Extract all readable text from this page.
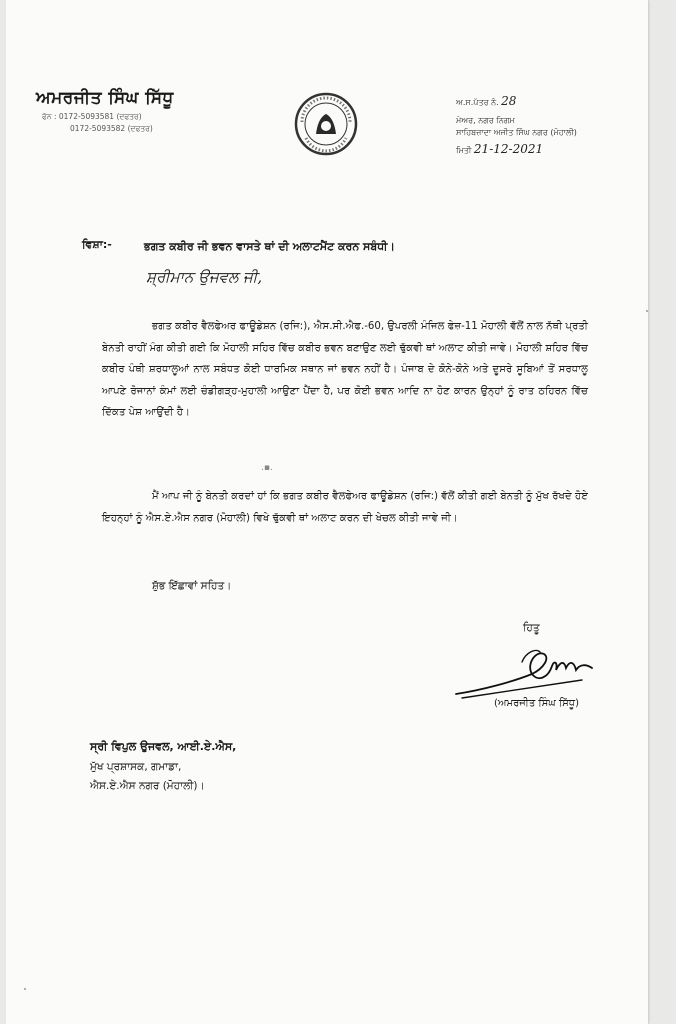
ਅਮਰਜੀਤ ਸਿੰਘ ਸਿੱਧੂ
ਫੋਨ : 0172-5093581 (ਦਫਤਰ)
0172-5093582 (ਦਫਤਰ)
ਅ.ਸ.ਪੱਤਰ ਨੰ. 28
ਮੇਅਰ, ਨਗਰ ਨਿਗਮ
ਸਾਹਿਬਜ਼ਾਦਾ ਅਜੀਤ ਸਿੰਘ ਨਗਰ (ਮੋਹਾਲੀ)
ਮਿਤੀ 21-12-2021
ਵਿਸ਼ਾ:-	ਭਗਤ ਕਬੀਰ ਜੀ ਭਵਨ ਵਾਸਤੇ ਥਾਂ ਦੀ ਅਲਾਟਮੈਂਟ ਕਰਨ ਸਬੰਧੀ।
ਸ਼੍ਰੀਮਾਨ ਉਜਵਲ ਜੀ,
ਭਗਤ ਕਬੀਰ ਵੈਲਫੇਅਰ ਫਾਊਡੇਸ਼ਨ (ਰਜਿ:), ਐਸ.ਸੀ.ਐਫ.-60, ਉਪਰਲੀ ਮੰਜਿਲ ਫੇਜ਼-11 ਮੋਹਾਲੀ ਵੱਲੋਂ ਨਾਲ ਨੱਥੀ ਪ੍ਰਤੀ ਬੇਨਤੀ ਰਾਹੀਂ ਮੰਗ ਕੀਤੀ ਗਈ ਕਿ ਮੋਹਾਲੀ ਸਹਿਰ ਵਿੱਚ ਕਬੀਰ ਭਵਨ ਬਣਾਉਣ ਲਈ ਢੁੱਕਵੀ ਥਾਂ ਅਲਾਟ ਕੀਤੀ ਜਾਵੇ। ਮੋਹਾਲੀ ਸ਼ਹਿਰ ਵਿੱਚ ਕਬੀਰ ਪੰਥੀ ਸ਼ਰਧਾਲੂਆਂ ਨਾਲ ਸਬੰਧਤ ਕੋਈ ਧਾਰਮਿਕ ਸਥਾਨ ਜਾਂ ਭਵਨ ਨਹੀਂ ਹੈ। ਪੰਜਾਬ ਦੇ ਕੋਨੇ-ਕੋਨੇ ਅਤੇ ਦੂਸਰੇ ਸੂਬਿਆਂ ਤੋਂ ਸਰਧਾਲੂ ਆਪਣੇ ਰੋਜਾਨਾਂ ਕੰਮਾਂ ਲਈ ਚੰਡੀਗੜ੍ਹ-ਮੁਹਾਲੀ ਆਉਣਾ ਪੈਂਦਾ ਹੈ, ਪਰ ਕੋਈ ਭਵਨ ਆਦਿ ਨਾ ਹੋਣ ਕਾਰਨ ਉਨ੍ਹਾਂ ਨੂੰ ਰਾਤ ਠਹਿਰਨ ਵਿੱਚ ਦਿੱਕਤ ਪੇਸ਼ ਆਉਂਦੀ ਹੈ।
.▪.
ਮੈਂ ਆਪ ਜੀ ਨੂੰ ਬੇਨਤੀ ਕਰਦਾਂ ਹਾਂ ਕਿ ਭਗਤ ਕਬੀਰ ਵੈਲਫੇਅਰ ਫਾਊਡੇਸ਼ਨ (ਰਜਿ:) ਵੱਲੋਂ ਕੀਤੀ ਗਈ ਬੇਨਤੀ ਨੂੰ ਮੁੱਖ ਰੱਖਦੇ ਹੋਏ ਇਹਨ੍ਹਾਂ ਨੂੰ ਐਸ.ਏ.ਐਸ ਨਗਰ (ਮੋਹਾਲੀ) ਵਿਖੇ ਢੁੱਕਵੀ ਥਾਂ ਅਲਾਟ ਕਰਨ ਦੀ ਖੇਚਲ ਕੀਤੀ ਜਾਵੇ ਜੀ।
ਸ਼ੁੱਭ ਇੱਛਾਵਾਂ ਸਹਿਤ।
ਹਿਤੂ
(ਅਮਰਜੀਤ ਸਿੰਘ ਸਿੱਧੂ)
ਸ੍ਰੀ ਵਿਪੁਲ ਉਜਵਲ, ਆਈ.ਏ.ਐਸ,
ਮੁੱਖ ਪ੍ਰਸ਼ਾਸਕ, ਗਮਾਡਾ,
ਐਸ.ਏ.ਐਸ ਨਗਰ (ਮੋਹਾਲੀ)।
